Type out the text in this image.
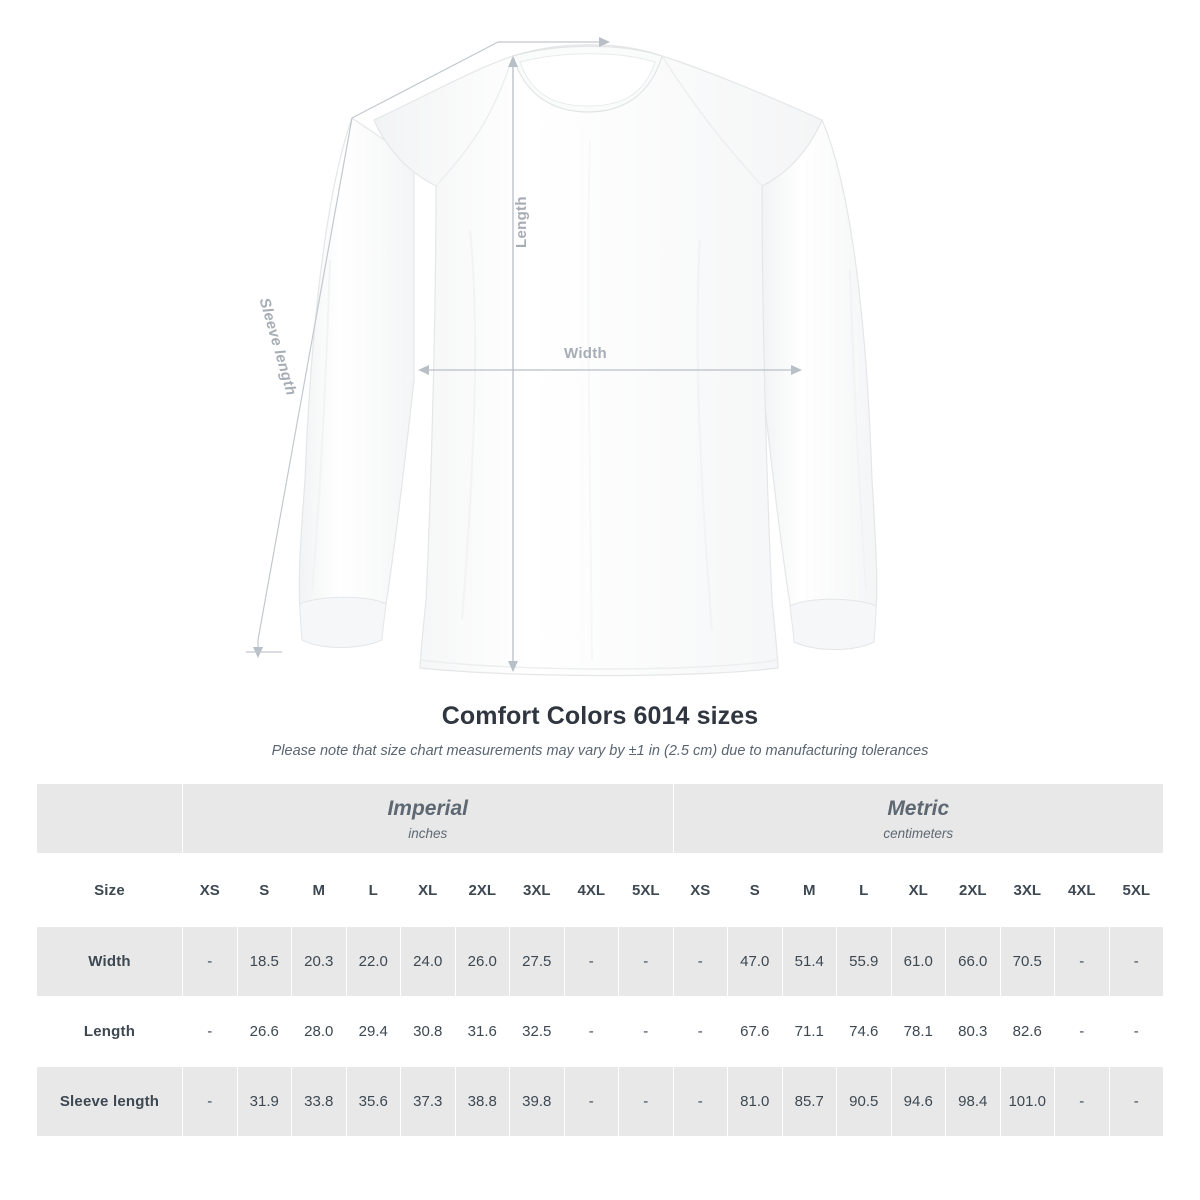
Length
Width
Sleeve length
Comfort Colors 6014 sizes
Please note that size chart measurements may vary by ±1 in (2.5 cm) due to manufacturing tolerances

Imperial
inches

Metric
centimeters

Size	XS	S	M	L	XL	2XL	3XL	4XL	5XL	XS	S	M	L	XL	2XL	3XL	4XL	5XL
Width	-	18.5	20.3	22.0	24.0	26.0	27.5	-	-	-	47.0	51.4	55.9	61.0	66.0	70.5	-	-
Length	-	26.6	28.0	29.4	30.8	31.6	32.5	-	-	-	67.6	71.1	74.6	78.1	80.3	82.6	-	-
Sleeve length	-	31.9	33.8	35.6	37.3	38.8	39.8	-	-	-	81.0	85.7	90.5	94.6	98.4	101.0	-	-
